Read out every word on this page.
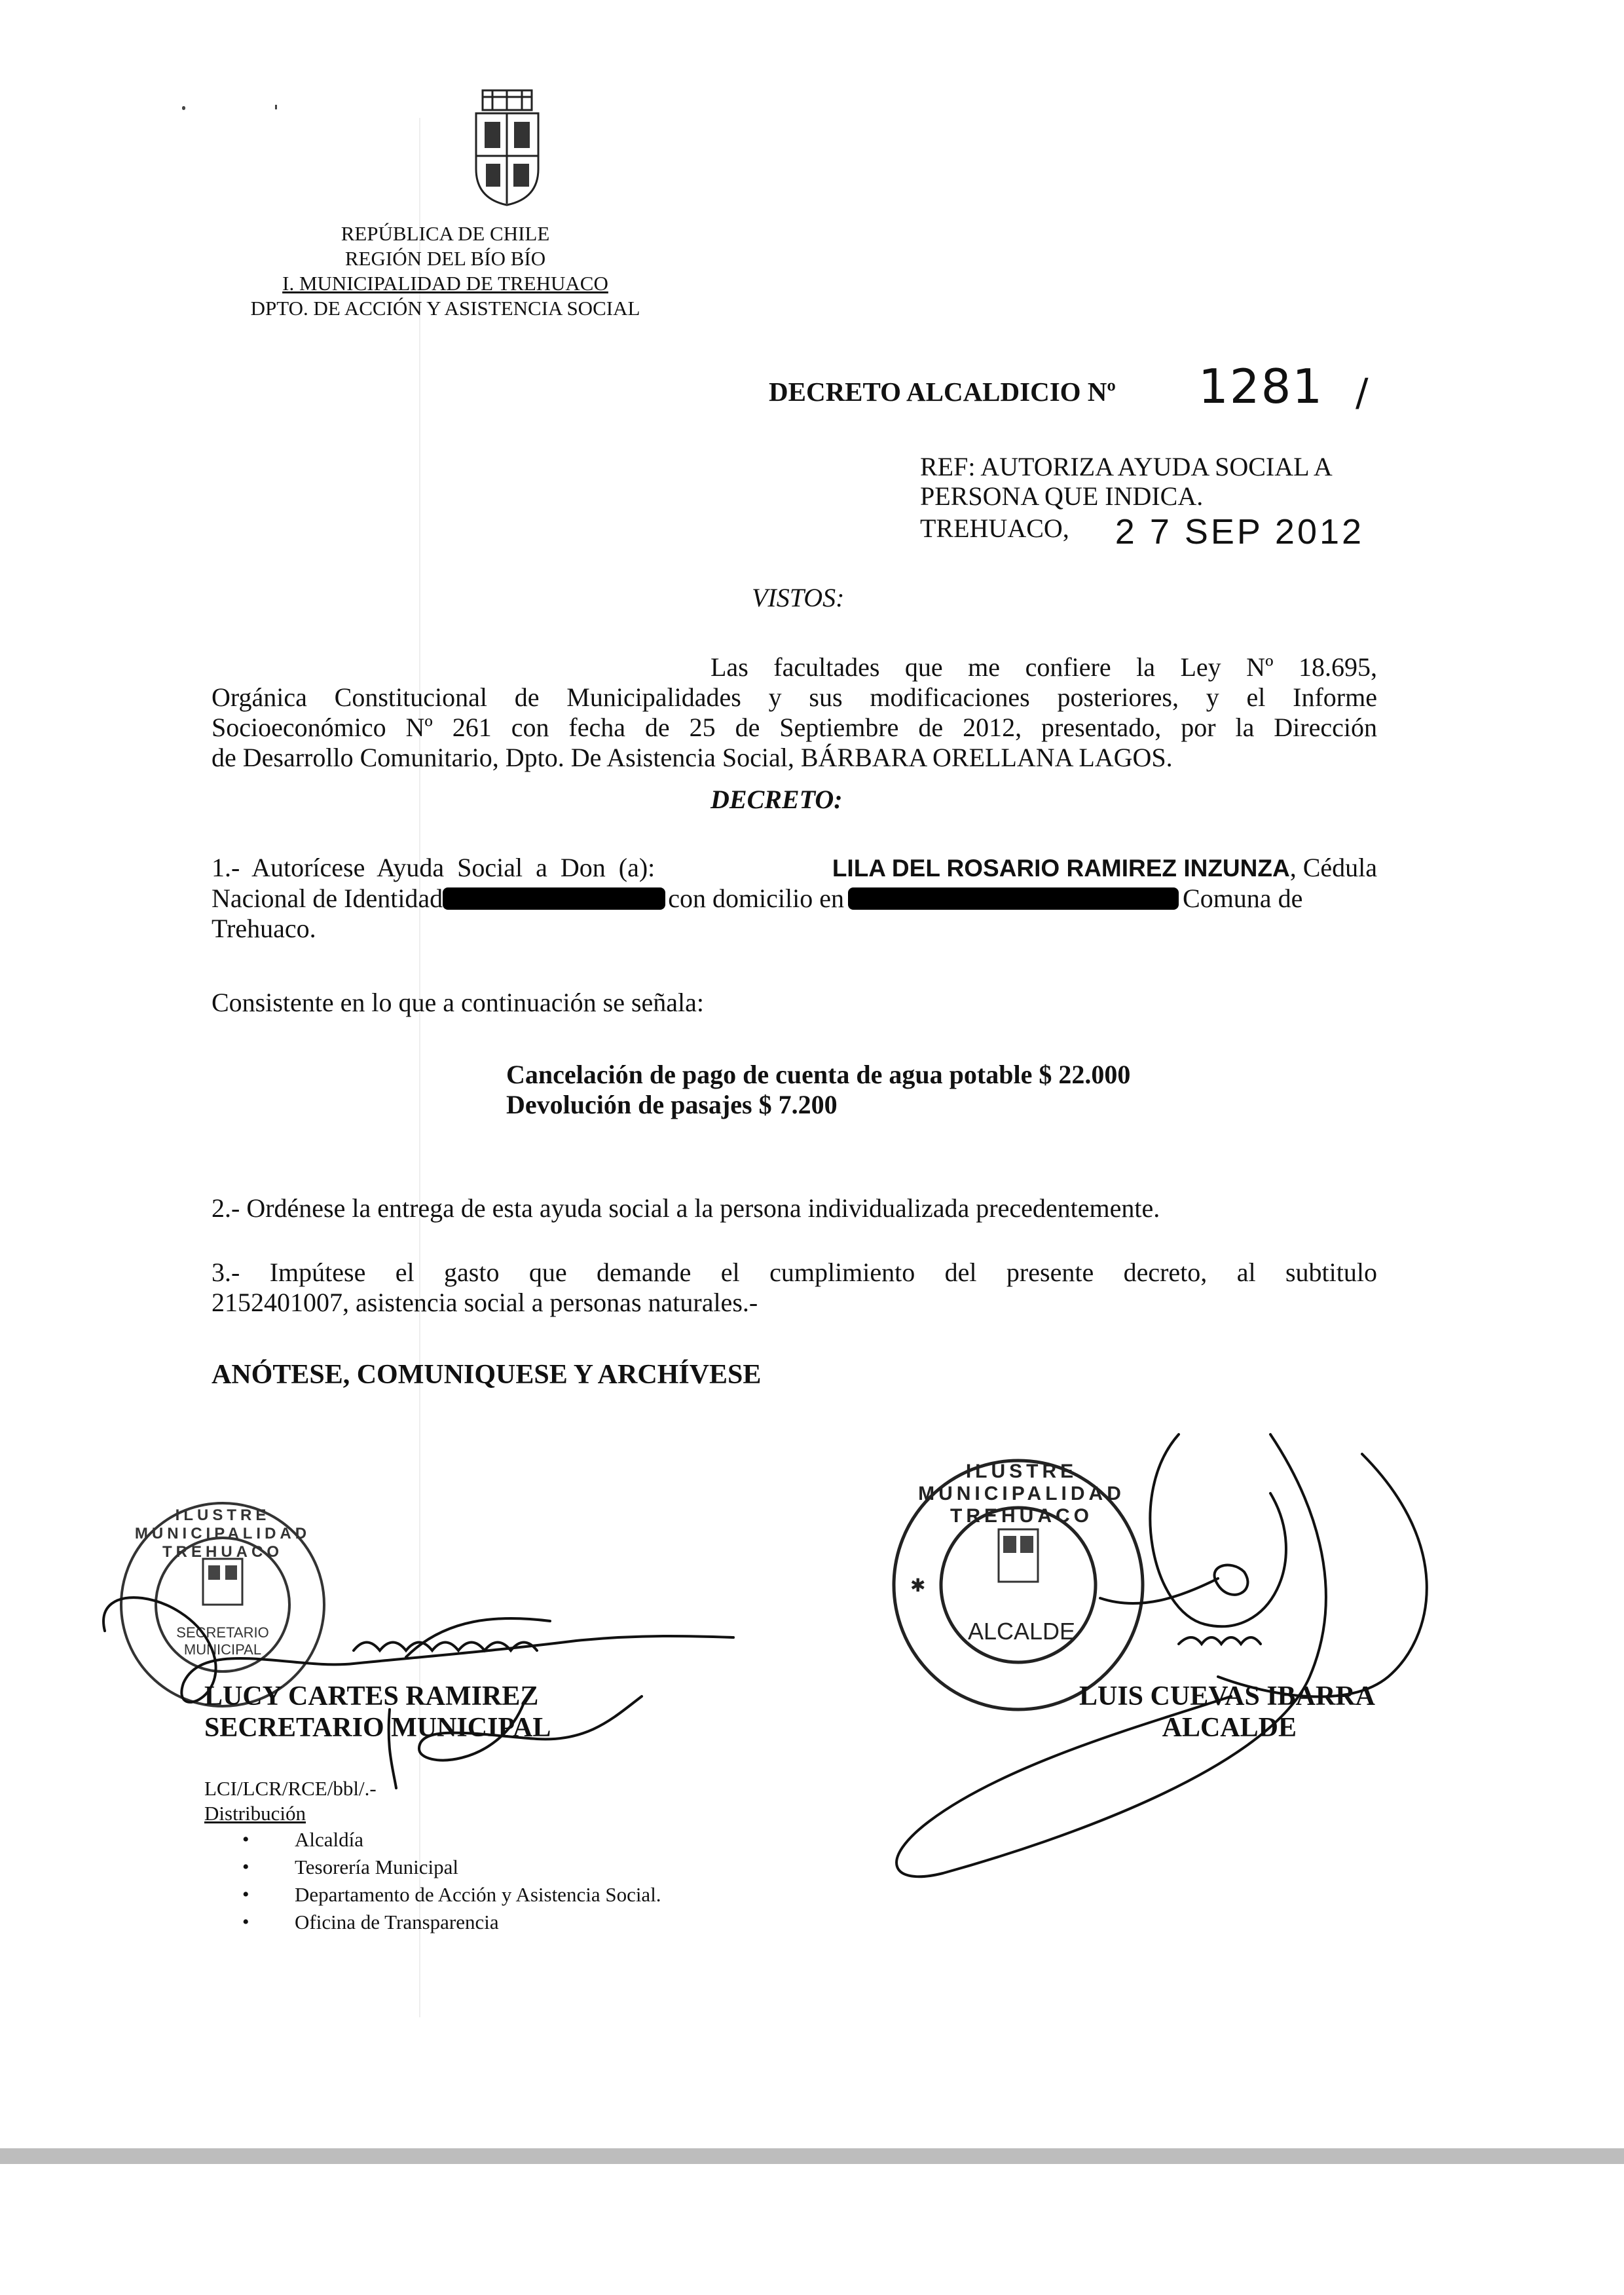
REPÚBLICA DE CHILE
REGIÓN DEL BÍO BÍO
I. MUNICIPALIDAD DE TREHUACO
DPTO. DE ACCIÓN Y ASISTENCIA SOCIAL
DECRETO ALCALDICIO Nº 1281 /
REF: AUTORIZA AYUDA SOCIAL A
PERSONA QUE INDICA.
TREHUACO, 2 7 SEP 2012
VISTOS:
Las facultades que me confiere la Ley Nº 18.695,
Orgánica Constitucional de Municipalidades y sus modificaciones posteriores, y el Informe
Socioeconómico Nº 261 con fecha de 25 de Septiembre de 2012, presentado, por la Dirección
de Desarrollo Comunitario, Dpto. De Asistencia Social, BÁRBARA ORELLANA LAGOS.
DECRETO:
1.- Autorícese Ayuda Social a Don (a):	LILA DEL ROSARIO RAMIREZ INZUNZA, Cédula
Nacional de Identidad	con domicilio en	Comuna de
Trehuaco.
Consistente en lo que a continuación se señala:
Cancelación de pago de cuenta de agua potable $ 22.000
Devolución de pasajes $ 7.200
2.- Ordénese la entrega de esta ayuda social a la persona individualizada precedentemente.
3.- Impútese el gasto que demande el cumplimiento del presente decreto, al subtitulo
2152401007, asistencia social a personas naturales.-
ANÓTESE, COMUNIQUESE Y ARCHÍVESE
SECRETARIO MUNICIPAL
ILUSTRE MUNICIPALIDAD TREHUACO
LUCY CARTES RAMIREZ
SECRETARIO MUNICIPAL
✱
ILUSTRE MUNICIPALIDAD TREHUACO
ALCALDE
LUIS CUEVAS IBARRA
ALCALDE
LCI/LCR/RCE/bbl/.-
Distribución
• Alcaldía
• Tesorería Municipal
• Departamento de Acción y Asistencia Social.
• Oficina de Transparencia
